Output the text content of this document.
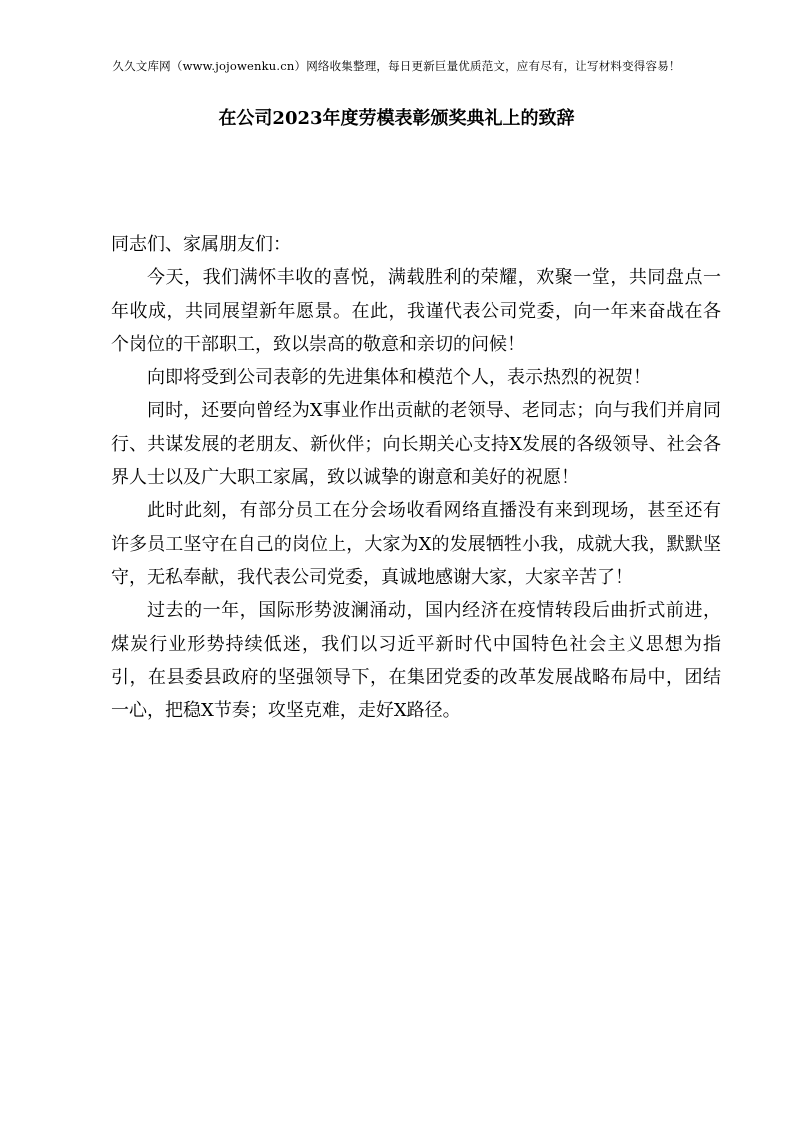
久久文库网（www.jojowenku.cn）网络收集整理，每日更新巨量优质范文，应有尽有，让写材料变得容易！
在公司2023年度劳模表彰颁奖典礼上的致辞

同志们、家属朋友们：

今天，我们满怀丰收的喜悦，满载胜利的荣耀，欢聚一堂，共同盘点一年收成，共同展望新年愿景。在此，我谨代表公司党委，向一年来奋战在各个岗位的干部职工，致以崇高的敬意和亲切的问候！

向即将受到公司表彰的先进集体和模范个人，表示热烈的祝贺！

同时，还要向曾经为X事业作出贡献的老领导、老同志；向与我们并肩同行、共谋发展的老朋友、新伙伴；向长期关心支持X发展的各级领导、社会各界人士以及广大职工家属，致以诚挚的谢意和美好的祝愿！

此时此刻，有部分员工在分会场收看网络直播没有来到现场，甚至还有许多员工坚守在自己的岗位上，大家为X的发展牺牲小我，成就大我，默默坚守，无私奉献，我代表公司党委，真诚地感谢大家，大家辛苦了！

过去的一年，国际形势波澜涌动，国内经济在疫情转段后曲折式前进，煤炭行业形势持续低迷，我们以习近平新时代中国特色社会主义思想为指引，在县委县政府的坚强领导下，在集团党委的改革发展战略布局中，团结一心，把稳X节奏；攻坚克难，走好X路径。
